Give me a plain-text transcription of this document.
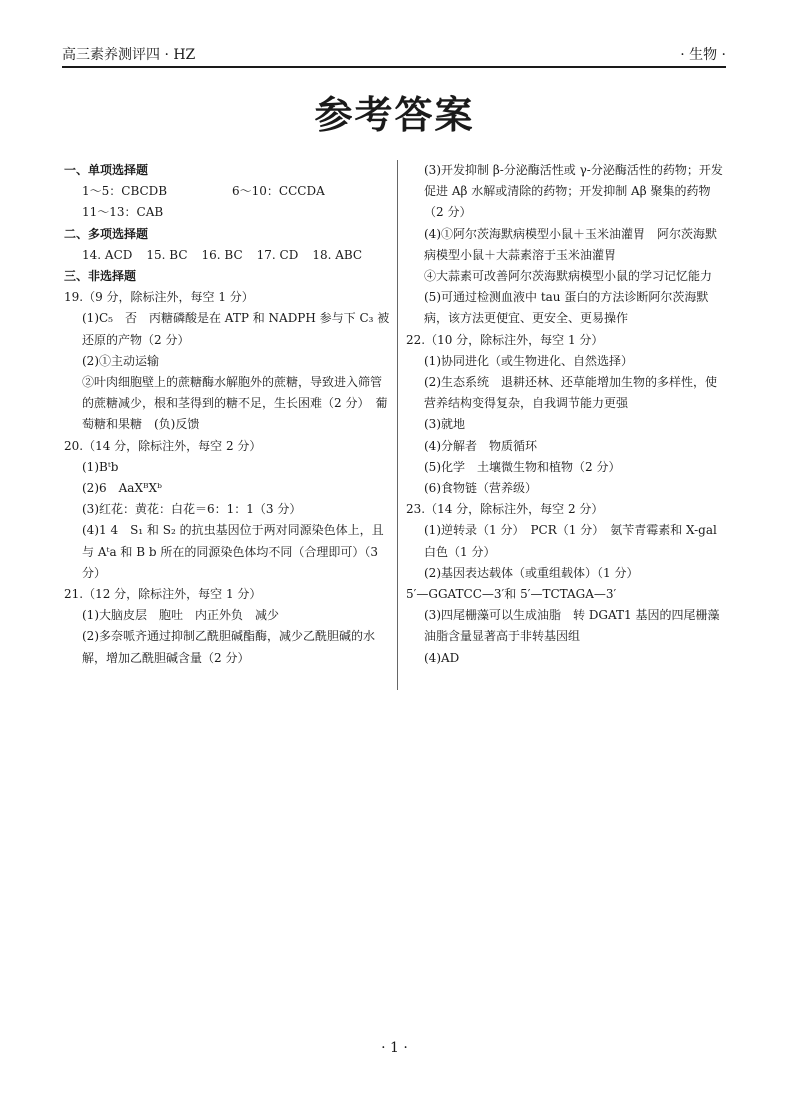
高三素养测评四 · HZ	· 生物 ·
参考答案
一、单项选择题
1～5：CBCDB	6～10：CCCDA
11～13：CAB
二、多项选择题
14. ACD 15. BC 16. BC 17. CD 18. ABC
三、非选择题
19.（9 分，除标注外，每空 1 分）
(1)C₅　否　丙糖磷酸是在 ATP 和 NADPH 参与下 C₃ 被还原的产物（2 分）
(2)①主动运输
②叶肉细胞壁上的蔗糖酶水解胞外的蔗糖，导致进入筛管的蔗糖减少，根和茎得到的糖不足，生长困难（2 分）　葡萄糖和果糖　(负)反馈
20.（14 分，除标注外，每空 2 分）
(1)Bᵗb
(2)6　AaXᴮXᵇ
(3)红花：黄花：白花＝6：1：1（3 分）
(4)1 4　S₁ 和 S₂ 的抗虫基因位于两对同源染色体上，且与 Aᵗa 和 B b 所在的同源染色体均不同（合理即可）（3 分）
21.（12 分，除标注外，每空 1 分）
(1)大脑皮层　胞吐　内正外负　减少
(2)多奈哌齐通过抑制乙酰胆碱酯酶，减少乙酰胆碱的水解，增加乙酰胆碱含量（2 分）
(3)开发抑制 β-分泌酶活性或 γ-分泌酶活性的药物；开发促进 Aβ 水解或清除的药物；开发抑制 Aβ 聚集的药物（2 分）
(4)①阿尔茨海默病模型小鼠＋玉米油灌胃　阿尔茨海默病模型小鼠＋大蒜素溶于玉米油灌胃
④大蒜素可改善阿尔茨海默病模型小鼠的学习记忆能力
(5)可通过检测血液中 tau 蛋白的方法诊断阿尔茨海默病，该方法更便宜、更安全、更易操作
22.（10 分，除标注外，每空 1 分）
(1)协同进化（或生物进化、自然选择）
(2)生态系统　退耕还林、还草能增加生物的多样性，使营养结构变得复杂，自我调节能力更强
(3)就地
(4)分解者　物质循环
(5)化学　土壤微生物和植物（2 分）
(6)食物链（营养级）
23.（14 分，除标注外，每空 2 分）
(1)逆转录（1 分）　PCR（1 分）　氨苄青霉素和 X-gal　白色（1 分）
(2)基因表达载体（或重组载体）（1 分）
5′—GGATCC—3′和 5′—TCTAGA—3′
(3)四尾栅藻可以生成油脂　转 DGAT1 基因的四尾栅藻油脂含量显著高于非转基因组
(4)AD
· 1 ·
